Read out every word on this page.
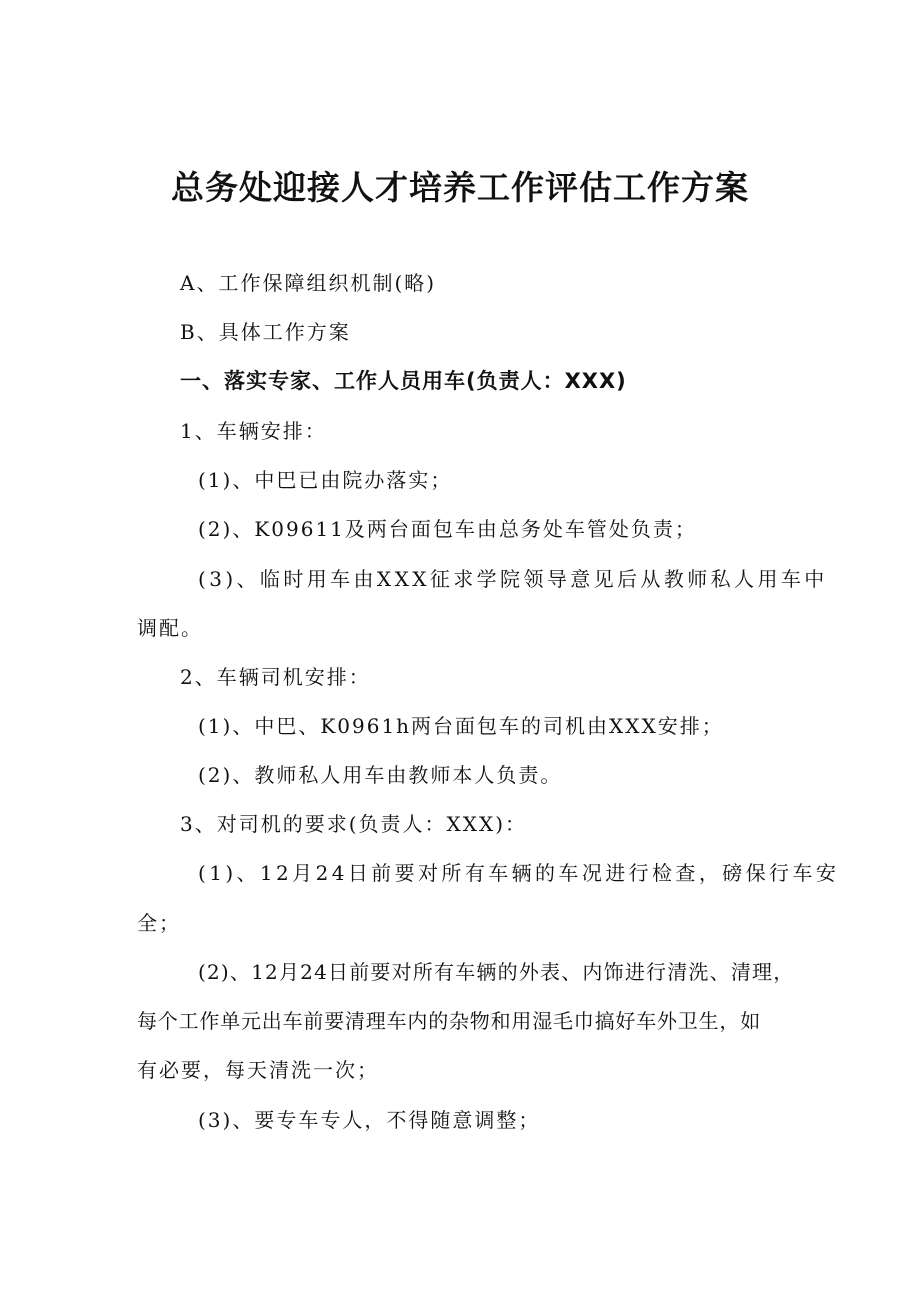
总务处迎接人才培养工作评估工作方案
A、工作保障组织机制(略)
B、具体工作方案
一、落实专家、工作人员用车(负责人：XXX)
1、车辆安排：
(1)、中巴已由院办落实；
(2)、K09611及两台面包车由总务处车管处负责；
(3)、临时用车由XXX征求学院领导意见后从教师私人用车中
调配。
2、车辆司机安排：
(1)、中巴、K0961h两台面包车的司机由XXX安排；
(2)、教师私人用车由教师本人负责。
3、对司机的要求(负责人：XXX)：
(1)、12月24日前要对所有车辆的车况进行检查，磅保行车安
全；
(2)、12月24日前要对所有车辆的外表、内饰进行清洗、清理，
每个工作单元出车前要清理车内的杂物和用湿毛巾搞好车外卫生，如
有必要，每天清洗一次；
(3)、要专车专人，不得随意调整；
